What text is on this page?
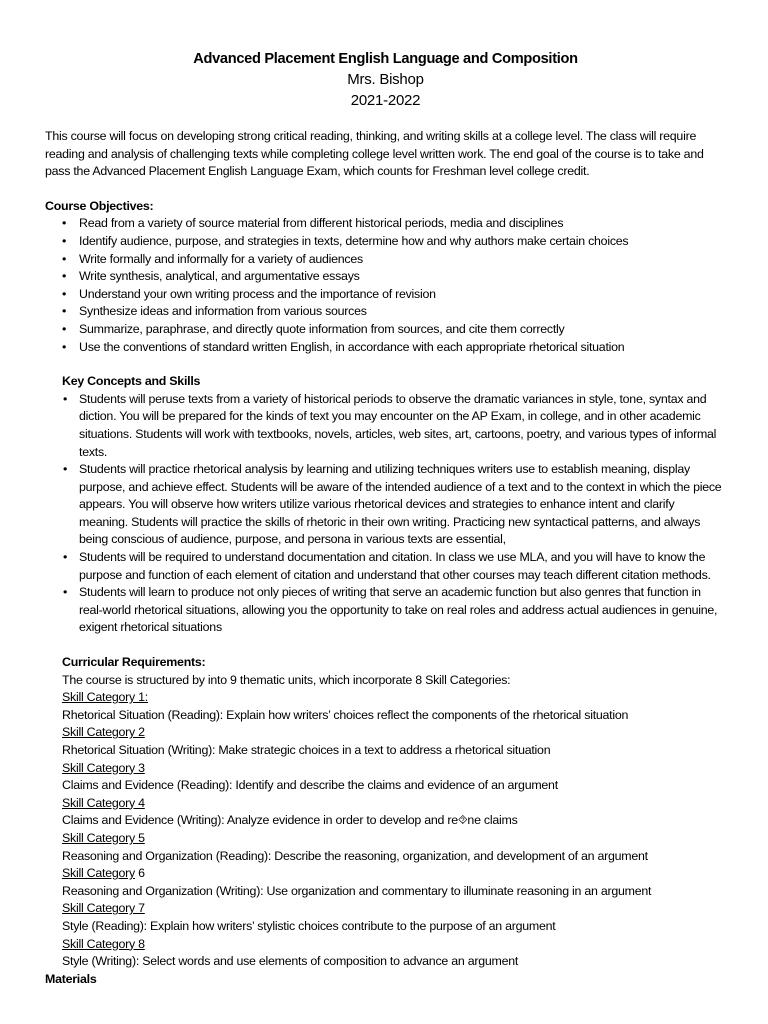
Advanced Placement English Language and Composition

Mrs. Bishop

2021-2022

This course will focus on developing strong critical reading, thinking, and writing skills at a college level. The class will require reading and analysis of challenging texts while completing college level written work. The end goal of the course is to take and pass the Advanced Placement English Language Exam, which counts for Freshman level college credit.

Course Objectives:

• Read from a variety of source material from different historical periods, media and disciplines
• Identify audience, purpose, and strategies in texts, determine how and why authors make certain choices
• Write formally and informally for a variety of audiences
• Write synthesis, analytical, and argumentative essays
• Understand your own writing process and the importance of revision
• Synthesize ideas and information from various sources
• Summarize, paraphrase, and directly quote information from sources, and cite them correctly
• Use the conventions of standard written English, in accordance with each appropriate rhetorical situation

Key Concepts and Skills

• Students will peruse texts from a variety of historical periods to observe the dramatic variances in style, tone, syntax and diction. You will be prepared for the kinds of text you may encounter on the AP Exam, in college, and in other academic situations. Students will work with textbooks, novels, articles, web sites, art, cartoons, poetry, and various types of informal texts.
• Students will practice rhetorical analysis by learning and utilizing techniques writers use to establish meaning, display purpose, and achieve effect. Students will be aware of the intended audience of a text and to the context in which the piece appears. You will observe how writers utilize various rhetorical devices and strategies to enhance intent and clarify meaning. Students will practice the skills of rhetoric in their own writing. Practicing new syntactical patterns, and always being conscious of audience, purpose, and persona in various texts are essential,
• Students will be required to understand documentation and citation. In class we use MLA, and you will have to know the purpose and function of each element of citation and understand that other courses may teach different citation methods.
• Students will learn to produce not only pieces of writing that serve an academic function but also genres that function in real-world rhetorical situations, allowing you the opportunity to take on real roles and address actual audiences in genuine, exigent rhetorical situations

Curricular Requirements:

The course is structured by into 9 thematic units, which incorporate 8 Skill Categories:

Skill Category 1:
Rhetorical Situation (Reading): Explain how writers’ choices reflect the components of the rhetorical situation
Skill Category 2
Rhetorical Situation (Writing): Make strategic choices in a text to address a rhetorical situation
Skill Category 3
Claims and Evidence (Reading): Identify and describe the claims and evidence of an argument
Skill Category 4
Claims and Evidence (Writing): Analyze evidence in order to develop and re⯑ne claims
Skill Category 5
Reasoning and Organization (Reading): Describe the reasoning, organization, and development of an argument
Skill Category 6
Reasoning and Organization (Writing): Use organization and commentary to illuminate reasoning in an argument
Skill Category 7
Style (Reading): Explain how writers’ stylistic choices contribute to the purpose of an argument
Skill Category 8
Style (Writing): Select words and use elements of composition to advance an argument

Materials
